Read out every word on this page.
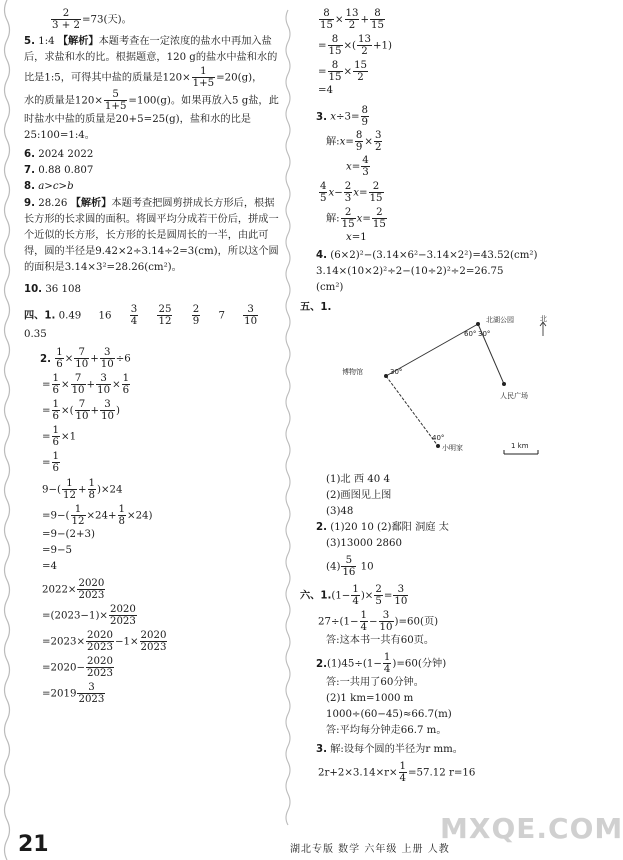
$\frac{2}{3 + 2} =73$(天)。
5. 1:4 【解析】本题考查在一定浓度的盐水中再加入盐后，求盐和水的比。根据题意，120 g的盐水中盐和水的比是1:5，可得其中盐的质量是$120\times \frac{1}{1+5} =20(g)$，
水的质量是$120\times \frac{5}{1+5} =100(g)$。如果再放入5 g盐，此时盐水中盐的质量是20+5=25(g)，盐和水的比是25:100=1:4。
6. 2024 2022
7. 0.88 0.807
8. a>c>b
9. 28.26 【解析】本题考查把圆剪拼成长方形后，根据长方形的长求圆的面积。将圆平均分成若干份后，拼成一个近似的长方形，长方形的长是圆周长的一半，由此可得，圆的半径是9.42×2÷3.14÷2=3(cm)，所以这个圆的面积是3.14×3²=28.26(cm²)。
10. 36 108
四、1. 0.49 $16 \frac{3}{4}$
$\frac{25}{12}$
$\frac{2}{9} 7 \frac{3}{10}$
0.35
2. $\frac{1}{6} \times \frac{7}{10} + \frac{3}{10} \div 6$
= $\frac{1}{6} \times \frac{7}{10} + \frac{3}{10} \times \frac{1}{6}$
= $\frac{1}{6}$ ×( $\frac{7}{10} + \frac{3}{10}$ )
= $\frac{1}{6} \times 1$
= $\frac{1}{6}$
$9-( \frac{1}{12} + \frac{1}{8} )\times 24$
$=9-( \frac{1}{12} \times 24+ \frac{1}{8} \times 24)$
=9−(2+3)
=9−5
=4
$2022\times \frac{2020}{2023}$
$=(2023-1)\times \frac{2020}{2023}$
$=2023\times \frac{2020}{2023} -1\times \frac{2020}{2023}$
$=2020- \frac{2020}{2023}$
$=2019 \frac{3}{2023}$
$\frac{8}{15} \times \frac{13}{2} + \frac{8}{15}$
= $\frac{8}{15}$ ×( $\frac{13}{2} +1$)
= $\frac{8}{15} \times \frac{15}{2}$
=4
3. $x\div 3= \frac{8}{9}$
解:x= $\frac{8}{9} \times \frac{3}{2}$
$x= \frac{4}{3}$
$\frac{4}{5} x- \frac{2}{3} x= \frac{2}{15}$
解: $\frac{2}{15} x= \frac{2}{15}$
x=1
4. (6×2)²−(3.14×6²−3.14×2²)=43.52(cm²)
3.14×(10×2)²÷2−(10÷2)²÷2=26.75
(cm²)
五、1.
北湖公园	北
60° 30°
博物馆	30°
人民广场
40°
小明家	1 km
(1)北 西 40 4
(2)画图见上图
(3)48
2. (1)20 10 (2)鄱阳 洞庭 太
(3)13000 2860
$(4) \frac{5}{16} 10$
六、$1.(1- \frac{1}{4}$ )× $\frac{2}{5} = \frac{3}{10}$
$27\div(1- \frac{1}{4} - \frac{3}{10} )=60$(页)
答:这本书一共有60页。
$2.(1)45\div(1- \frac{1}{4} )=60$(分钟)
答:一共用了60分钟。
(2)1 km=1000 m
1000÷(60−45)≈66.7(m)
答:平均每分钟走66.7 m。
3. 解:设每个圆的半径为r mm。
$2r+2\times 3.14\times r\times \frac{1}{4} =57.12$ r=16
MXQE.COM
21	湖北专版 数学 六年级 上册 人教
